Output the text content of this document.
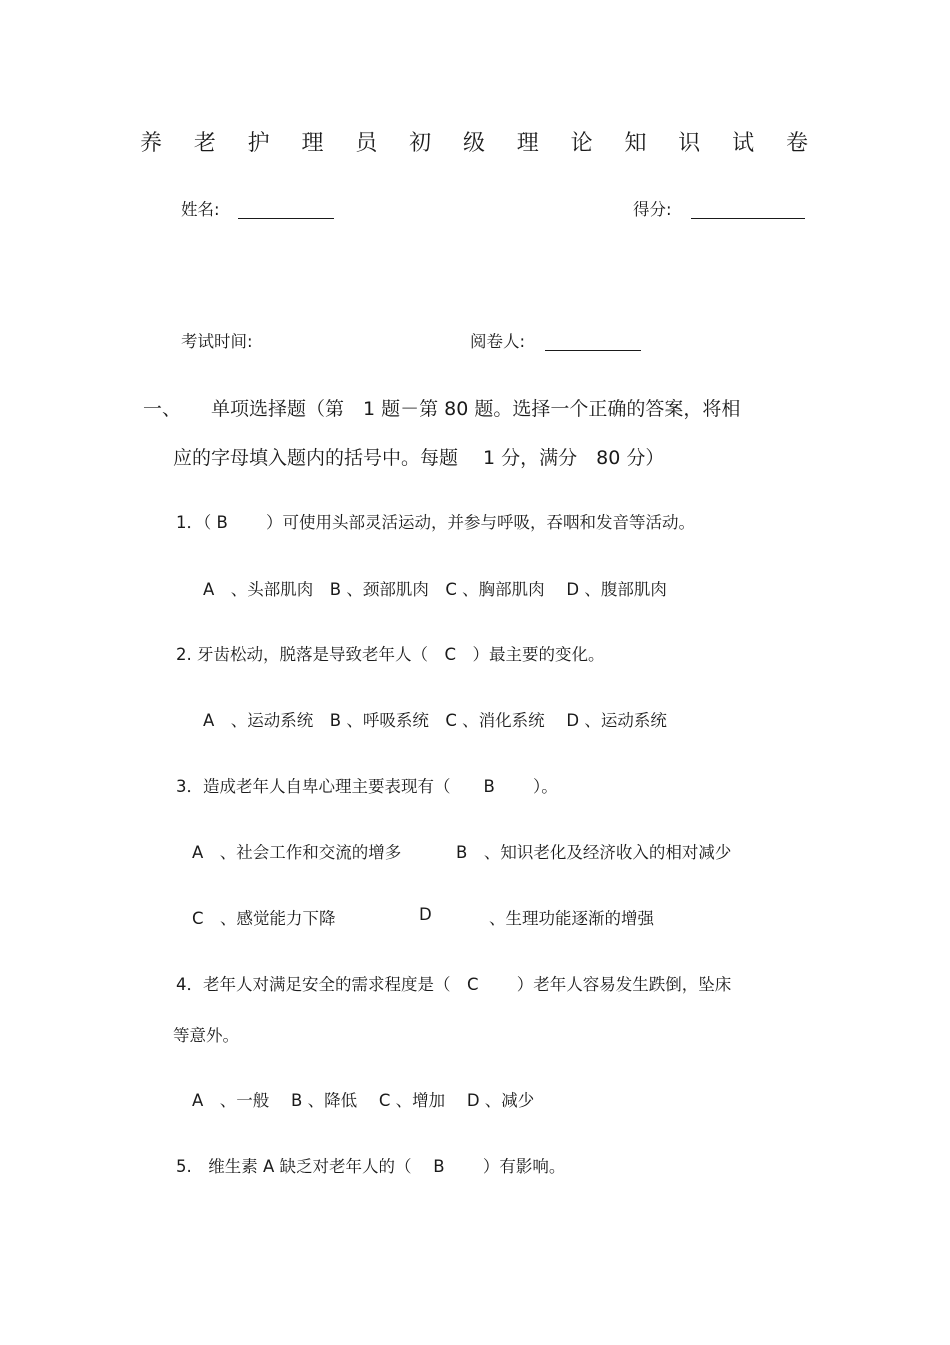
养 老 护 理 员 初 级 理 论 知 识 试 卷
姓名:	得分:
考试时间:	阅卷人:
一、 单项选择题（第　1 题－第 80 题。选择一个正确的答案，将相
应的字母填入题内的括号中。每题　 1 分，满分　80 分）
1．（ B　　 ）可使用头部灵活运动，并参与呼吸，吞咽和发音等活动。
A　、头部肌肉　B 、颈部肌肉　C 、胸部肌肉　 D 、腹部肌肉
2. 牙齿松动，脱落是导致老年人（　C　）最主要的变化。
A　、运动系统　B 、呼吸系统　C 、消化系统　 D 、运动系统
3．造成老年人自卑心理主要表现有（　　B　　 ）。
A　、社会工作和交流的增多	B　、知识老化及经济收入的相对减少
C　、感觉能力下降	D	、生理功能逐渐的增强
4．老年人对满足安全的需求程度是（　C　　 ）老年人容易发生跌倒，坠床
等意外。
A　、一般　 B 、降低　 C 、增加　 D 、减少
5.　维生素 A 缺乏对老年人的（　 B　　 ）有影响。
